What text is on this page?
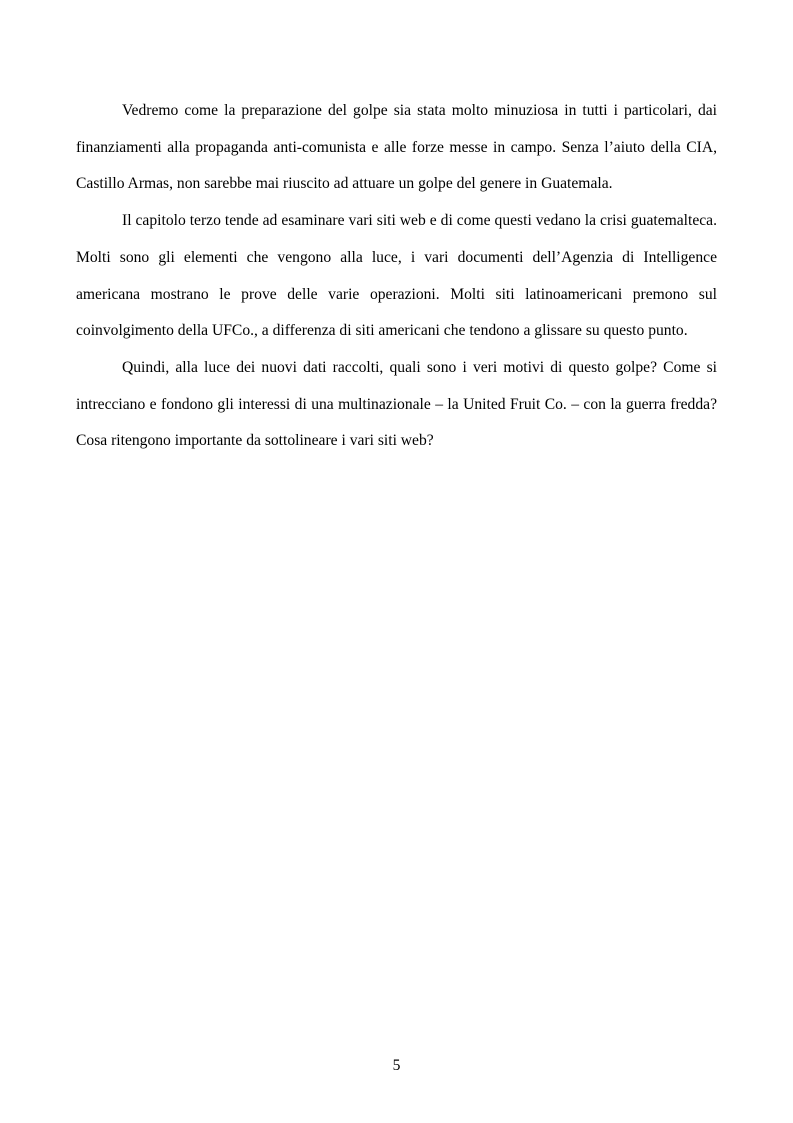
Vedremo come la preparazione del golpe sia stata molto minuziosa in tutti i particolari, dai finanziamenti alla propaganda anti-comunista e alle forze messe in campo. Senza l’aiuto della CIA, Castillo Armas, non sarebbe mai riuscito ad attuare un golpe del genere in Guatemala.

Il capitolo terzo tende ad esaminare vari siti web e di come questi vedano la crisi guatemalteca. Molti sono gli elementi che vengono alla luce, i vari documenti dell’Agenzia di Intelligence americana mostrano le prove delle varie operazioni. Molti siti latinoamericani premono sul coinvolgimento della UFCo., a differenza di siti americani che tendono a glissare su questo punto.

Quindi, alla luce dei nuovi dati raccolti, quali sono i veri motivi di questo golpe? Come si intrecciano e fondono gli interessi di una multinazionale – la United Fruit Co. – con la guerra fredda? Cosa ritengono importante da sottolineare i vari siti web?

5
